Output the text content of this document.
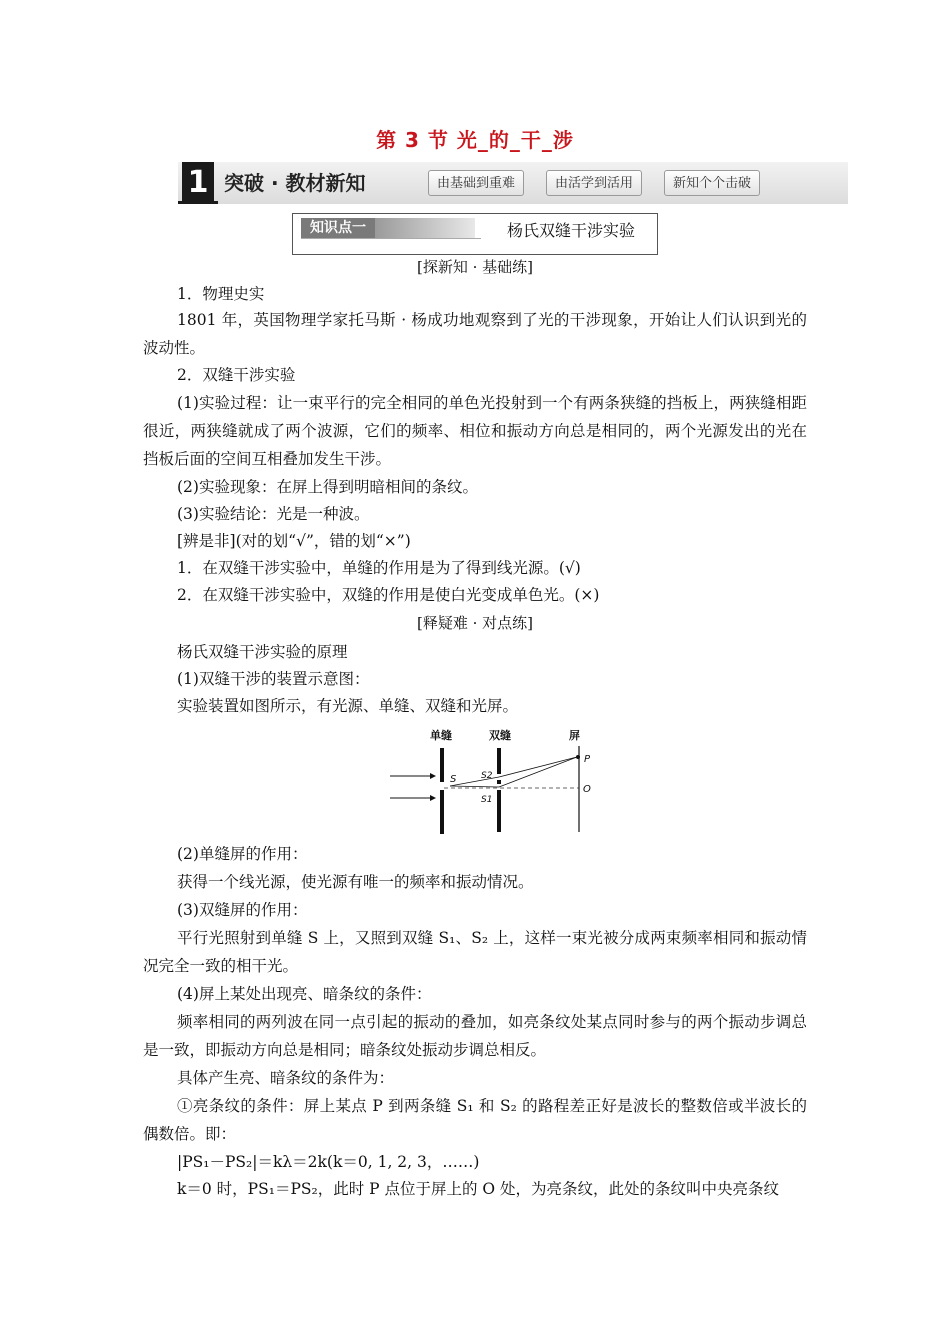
第 3 节 光_的_干_涉
1 突破 · 教材新知	由基础到重难	由活学到活用	新知个个击破
知识点一	杨氏双缝干涉实验
[探新知 · 基础练]
1．物理史实
1801 年，英国物理学家托马斯 · 杨成功地观察到了光的干涉现象，开始让人们认识到光的波动性。
2．双缝干涉实验
(1)实验过程：让一束平行的完全相同的单色光投射到一个有两条狭缝的挡板上，两狭缝相距很近，两狭缝就成了两个波源，它们的频率、相位和振动方向总是相同的，两个光源发出的光在挡板后面的空间互相叠加发生干涉。
(2)实验现象：在屏上得到明暗相间的条纹。
(3)实验结论：光是一种波。
[辨是非](对的划“√”，错的划“×”)
1．在双缝干涉实验中，单缝的作用是为了得到线光源。(√)
2．在双缝干涉实验中，双缝的作用是使白光变成单色光。(×)
[释疑难 · 对点练]
杨氏双缝干涉实验的原理
(1)双缝干涉的装置示意图：
实验装置如图所示，有光源、单缝、双缝和光屏。
单缝	双缝	屏
S	S2
S1
P
O
(2)单缝屏的作用：
获得一个线光源，使光源有唯一的频率和振动情况。
(3)双缝屏的作用：
平行光照射到单缝 S 上，又照到双缝 S₁、S₂ 上，这样一束光被分成两束频率相同和振动情况完全一致的相干光。
(4)屏上某处出现亮、暗条纹的条件：
频率相同的两列波在同一点引起的振动的叠加，如亮条纹处某点同时参与的两个振动步调总是一致，即振动方向总是相同；暗条纹处振动步调总相反。
具体产生亮、暗条纹的条件为：
①亮条纹的条件：屏上某点 P 到两条缝 S₁ 和 S₂ 的路程差正好是波长的整数倍或半波长的偶数倍。即：
|PS₁－PS₂|＝kλ＝2k(k＝0, 1, 2, 3，……)
k＝0 时，PS₁＝PS₂，此时 P 点位于屏上的 O 处，为亮条纹，此处的条纹叫中央亮条纹
